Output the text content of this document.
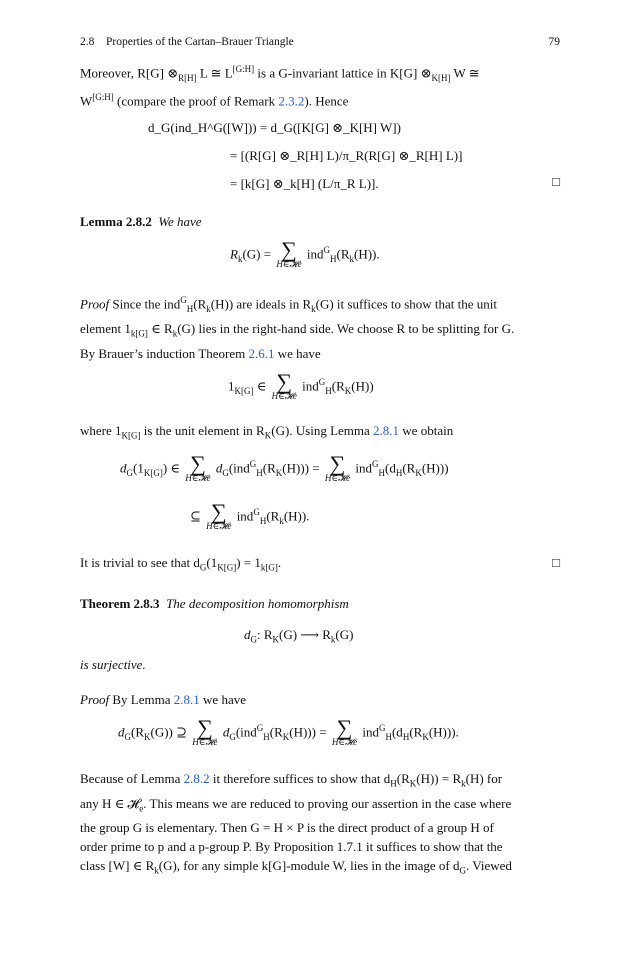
2.8 Properties of the Cartan–Brauer Triangle	79

Moreover, R[G] $\otimes_{R[H]}$ L ≅ L[G:H] is a G-invariant lattice in K[G] $\otimes_{K[H]}$ W ≅
W[G:H] (compare the proof of Remark 2.3.2). Hence

d_G(ind_H^G([W])) = d_G([K[G] ⊗_K[H] W])
= [(R[G] ⊗_R[H] L)/π_R(R[G] ⊗_R[H] L)]
= [k[G] ⊗_k[H] (L/π_R L)].	□

Lemma 2.8.2 We have

$R_k(G)$ = ∑
H∈𝓗e
$ind^G_H(R_k(H))$.

Proof Since the $ind^G_H(R_k(H))$ are ideals in $R_k(G)$ it suffices to show that the unit
element $1_{k[G]}$ ∈ $R_k(G)$ lies in the right-hand side. We choose R to be splitting for G.
By Brauer’s induction Theorem 2.6.1 we have

$1_{K[G]}$ ∈ ∑
H∈𝓗e
$ind^G_H(R_K(H))$

where $1_{K[G]}$ is the unit element in $R_K(G)$. Using Lemma 2.8.1 we obtain

$d_G(1_{K[G]})$ ∈ ∑
H∈𝓗e
$d_G(ind^G_H(R_K(H)))$ = ∑
H∈𝓗e
$ind^G_H(d_H(R_K(H)))$
⊆ ∑
H∈𝓗e
$ind^G_H(R_k(H))$.

It is trivial to see that $d_G(1_{K[G]}) = 1_{k[G]}$.	□

Theorem 2.8.3 The decomposition homomorphism

$d_G$: $R_K(G)$ ⟶ $R_k(G)$

is surjective.

Proof By Lemma 2.8.1 we have

$d_G(R_K(G))$ ⊇ ∑
H∈𝓗e
$d_G(ind^G_H(R_K(H)))$ = ∑
H∈𝓗e
$ind^G_H(d_H(R_K(H)))$.

Because of Lemma 2.8.2 it therefore suffices to show that $d_H(R_K(H)) = R_k(H)$ for
any H ∈ 𝓗$_e$. This means we are reduced to proving our assertion in the case where
the group G is elementary. Then G = H × P is the direct product of a group H of
order prime to p and a p-group P. By Proposition 1.7.1 it suffices to show that the
class [W] ∈ $R_k(G)$, for any simple k[G]-module W, lies in the image of $d_G$. Viewed
